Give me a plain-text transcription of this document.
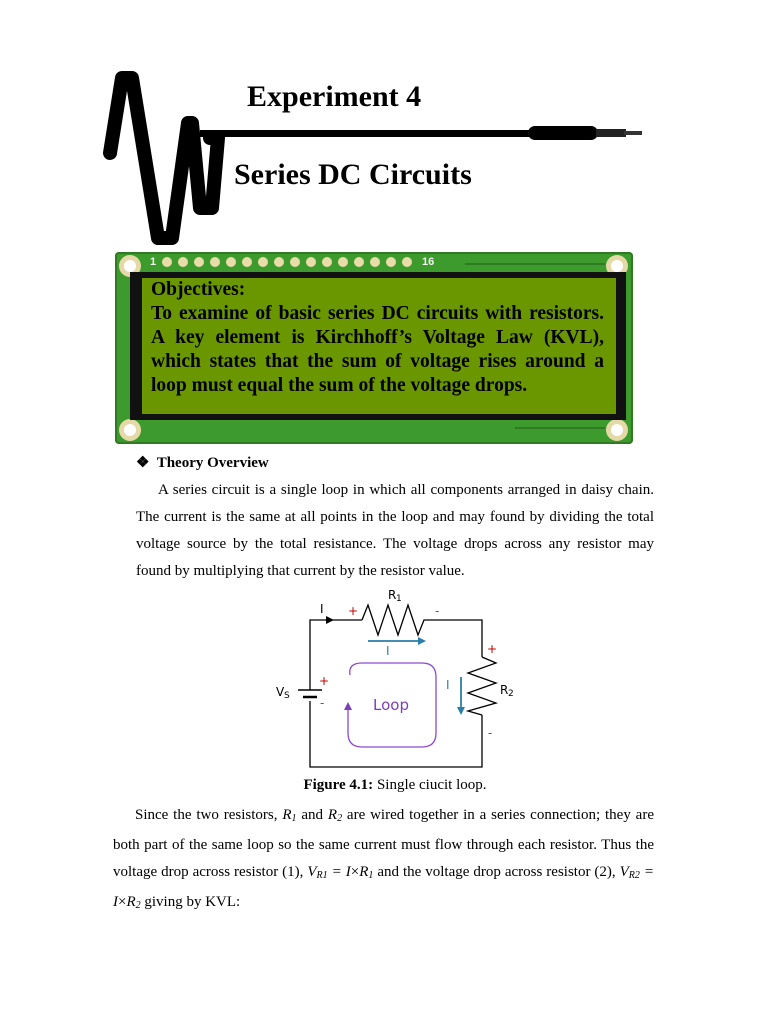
Experiment 4
Series DC Circuits
1	16
Objectives:
To examine of basic series DC circuits with resistors. A key element is Kirchhoff’s Voltage Law (KVL), which states that the sum of voltage rises around a loop must equal the sum of the voltage drops.
❖ Theory Overview
A series circuit is a single loop in which all components arranged in daisy chain. The current is the same at all points in the loop and may found by dividing the total voltage source by the total resistance. The voltage drops across any resistor may found by multiplying that current by the resistor value.
I +	-
R 1
I	+
-
R 2
I
V S
+
-	Loop
Figure 4.1: Single ciucit loop.
Since the two resistors, $R_1$ and $R_2$ are wired together in a series connection; they are both part of the same loop so the same current must flow through each resistor. Thus the voltage drop across resistor (1), $V_{R1} = I\times R_1$ and the voltage drop across resistor (2), $V_{R2} = I\times R_2$ giving by KVL:
